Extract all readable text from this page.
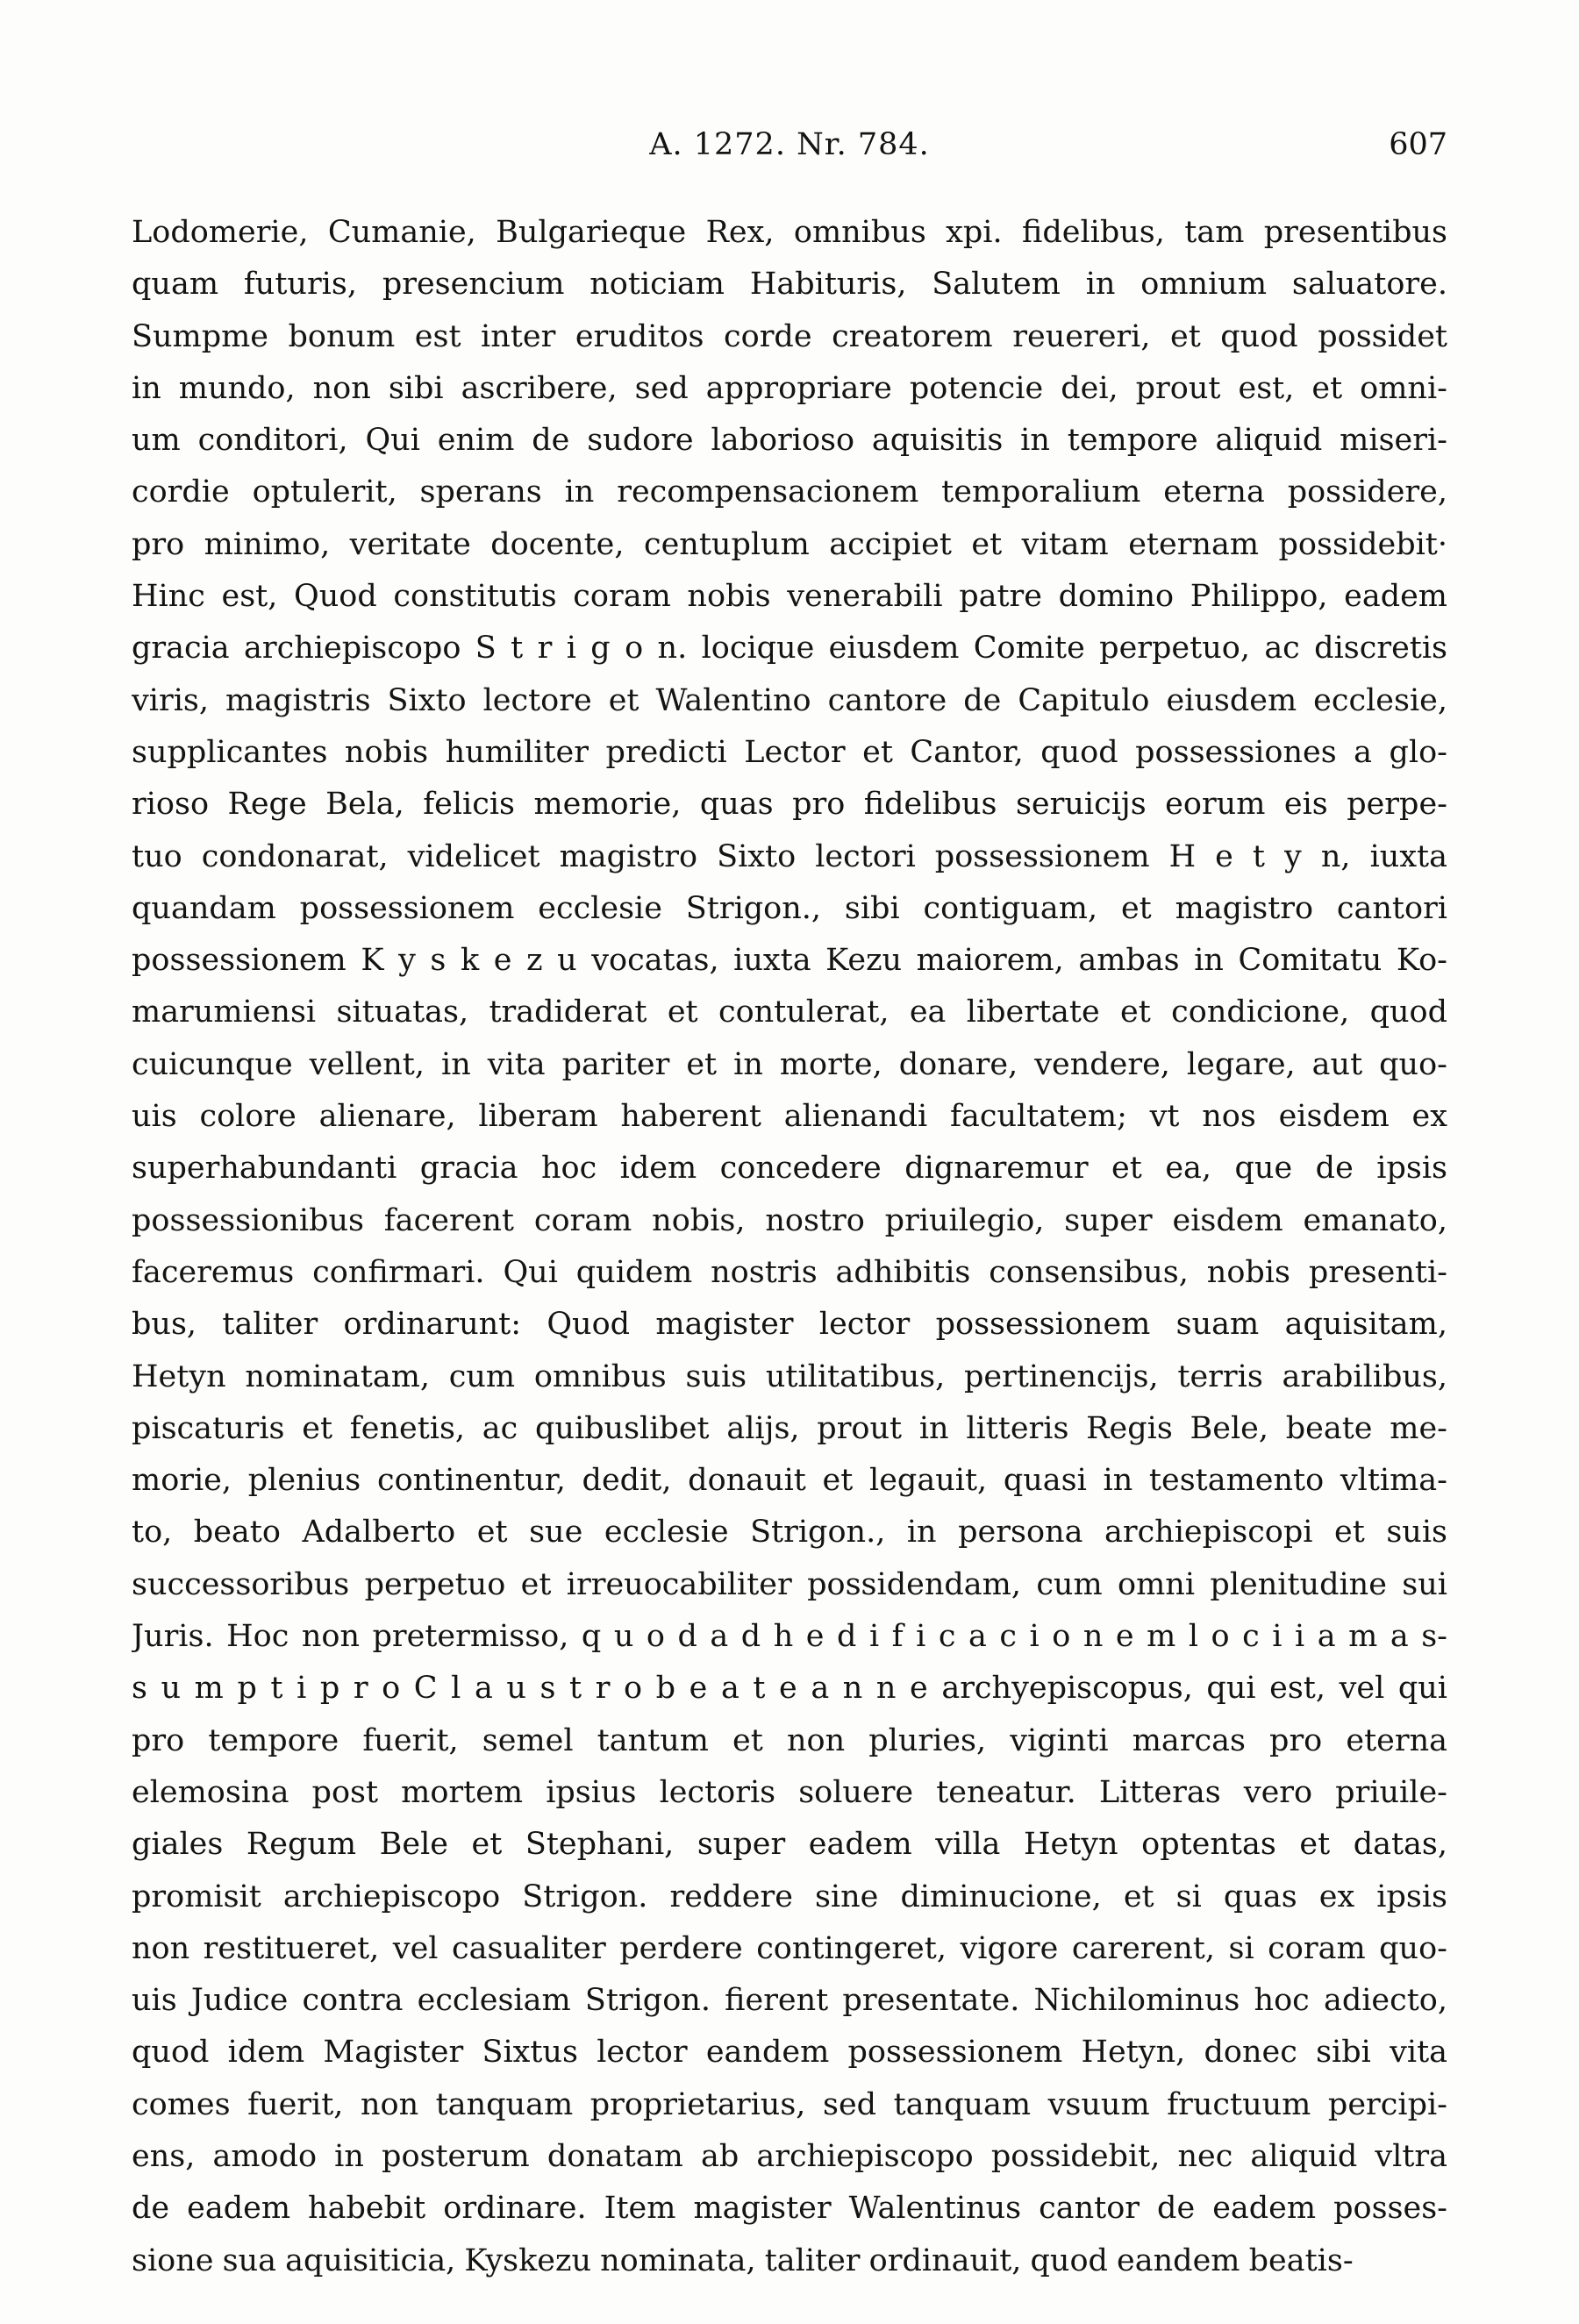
A. 1272. Nr. 784.	607
Lodomerie, Cumanie, Bulgarieque Rex, omnibus xpi. fidelibus, tam presentibus
quam futuris, presencium noticiam Habituris, Salutem in omnium saluatore.
Sumpme bonum est inter eruditos corde creatorem reuereri, et quod possidet
in mundo, non sibi ascribere, sed appropriare potencie dei, prout est, et omni-
um conditori, Qui enim de sudore laborioso aquisitis in tempore aliquid miseri-
cordie optulerit, sperans in recompensacionem temporalium eterna possidere,
pro minimo, veritate docente, centuplum accipiet et vitam eternam possidebit·
Hinc est, Quod constitutis coram nobis venerabili patre domino Philippo, eadem
gracia archiepiscopo S t r i g o n. locique eiusdem Comite perpetuo, ac discretis
viris, magistris Sixto lectore et Walentino cantore de Capitulo eiusdem ecclesie,
supplicantes nobis humiliter predicti Lector et Cantor, quod possessiones a glo-
rioso Rege Bela, felicis memorie, quas pro fidelibus seruicijs eorum eis perpe-
tuo condonarat, videlicet magistro Sixto lectori possessionem H e t y n, iuxta
quandam possessionem ecclesie Strigon., sibi contiguam, et magistro cantori
possessionem K y s k e z u vocatas, iuxta Kezu maiorem, ambas in Comitatu Ko-
marumiensi situatas, tradiderat et contulerat, ea libertate et condicione, quod
cuicunque vellent, in vita pariter et in morte, donare, vendere, legare, aut quo-
uis colore alienare, liberam haberent alienandi facultatem; vt nos eisdem ex
superhabundanti gracia hoc idem concedere dignaremur et ea, que de ipsis
possessionibus facerent coram nobis, nostro priuilegio, super eisdem emanato,
faceremus confirmari. Qui quidem nostris adhibitis consensibus, nobis presenti-
bus, taliter ordinarunt: Quod magister lector possessionem suam aquisitam,
Hetyn nominatam, cum omnibus suis utilitatibus, pertinencijs, terris arabilibus,
piscaturis et fenetis, ac quibuslibet alijs, prout in litteris Regis Bele, beate me-
morie, plenius continentur, dedit, donauit et legauit, quasi in testamento vltima-
to, beato Adalberto et sue ecclesie Strigon., in persona archiepiscopi et suis
successoribus perpetuo et irreuocabiliter possidendam, cum omni plenitudine sui
Juris. Hoc non pretermisso, q u o d a d h e d i f i c a c i o n e m l o c i i a m a s-
s u m p t i p r o C l a u s t r o b e a t e a n n e archyepiscopus, qui est, vel qui
pro tempore fuerit, semel tantum et non pluries, viginti marcas pro eterna
elemosina post mortem ipsius lectoris soluere teneatur. Litteras vero priuile-
giales Regum Bele et Stephani, super eadem villa Hetyn optentas et datas,
promisit archiepiscopo Strigon. reddere sine diminucione, et si quas ex ipsis
non restitueret, vel casualiter perdere contingeret, vigore carerent, si coram quo-
uis Judice contra ecclesiam Strigon. fierent presentate. Nichilominus hoc adiecto,
quod idem Magister Sixtus lector eandem possessionem Hetyn, donec sibi vita
comes fuerit, non tanquam proprietarius, sed tanquam vsuum fructuum percipi-
ens, amodo in posterum donatam ab archiepiscopo possidebit, nec aliquid vltra
de eadem habebit ordinare. Item magister Walentinus cantor de eadem posses-
sione sua aquisiticia, Kyskezu nominata, taliter ordinauit, quod eandem beatis-
